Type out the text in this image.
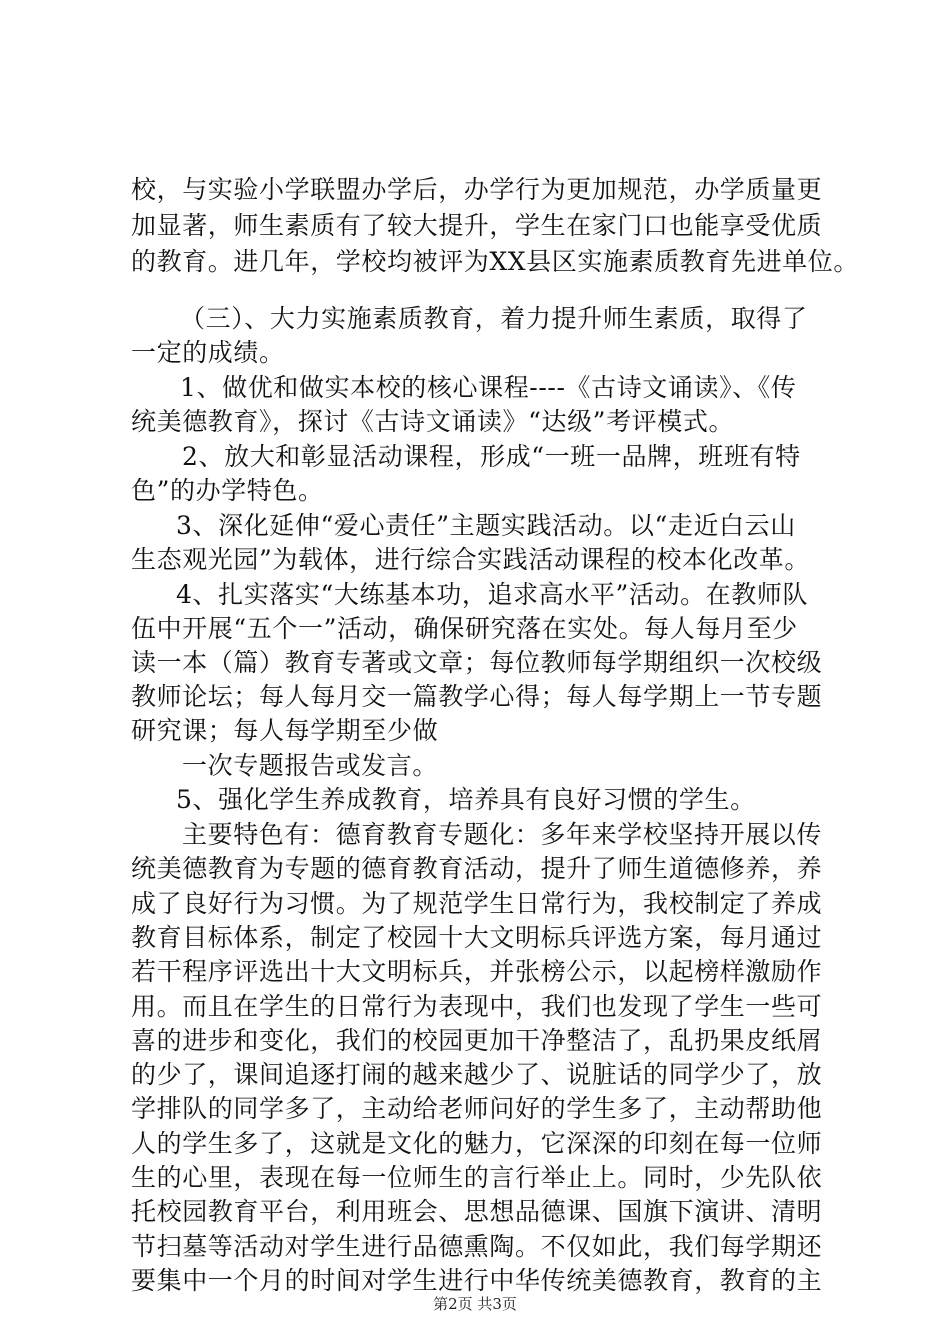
校，与实验小学联盟办学后，办学行为更加规范，办学质量更
加显著，师生素质有了较大提升，学生在家门口也能享受优质
的教育。进几年，学校均被评为XX县区实施素质教育先进单位。
（三）、大力实施素质教育，着力提升师生素质，取得了
一定的成绩。
1、做优和做实本校的核心课程----《古诗文诵读》、《传
统美德教育》，探讨《古诗文诵读》“达级”考评模式。
2、放大和彰显活动课程，形成“一班一品牌，班班有特
色”的办学特色。
3、深化延伸“爱心责任”主题实践活动。以“走近白云山
生态观光园”为载体，进行综合实践活动课程的校本化改革。
4、扎实落实“大练基本功，追求高水平”活动。在教师队
伍中开展“五个一”活动，确保研究落在实处。每人每月至少
读一本（篇）教育专著或文章；每位教师每学期组织一次校级
教师论坛；每人每月交一篇教学心得；每人每学期上一节专题
研究课；每人每学期至少做
一次专题报告或发言。
5、强化学生养成教育，培养具有良好习惯的学生。
主要特色有：德育教育专题化：多年来学校坚持开展以传
统美德教育为专题的德育教育活动，提升了师生道德修养，养
成了良好行为习惯。为了规范学生日常行为，我校制定了养成
教育目标体系，制定了校园十大文明标兵评选方案，每月通过
若干程序评选出十大文明标兵，并张榜公示，以起榜样激励作
用。而且在学生的日常行为表现中，我们也发现了学生一些可
喜的进步和变化，我们的校园更加干净整洁了，乱扔果皮纸屑
的少了，课间追逐打闹的越来越少了、说脏话的同学少了，放
学排队的同学多了，主动给老师问好的学生多了，主动帮助他
人的学生多了，这就是文化的魅力，它深深的印刻在每一位师
生的心里，表现在每一位师生的言行举止上。同时，少先队依
托校园教育平台，利用班会、思想品德课、国旗下演讲、清明
节扫墓等活动对学生进行品德熏陶。不仅如此，我们每学期还
要集中一个月的时间对学生进行中华传统美德教育，教育的主
第2页 共3页
